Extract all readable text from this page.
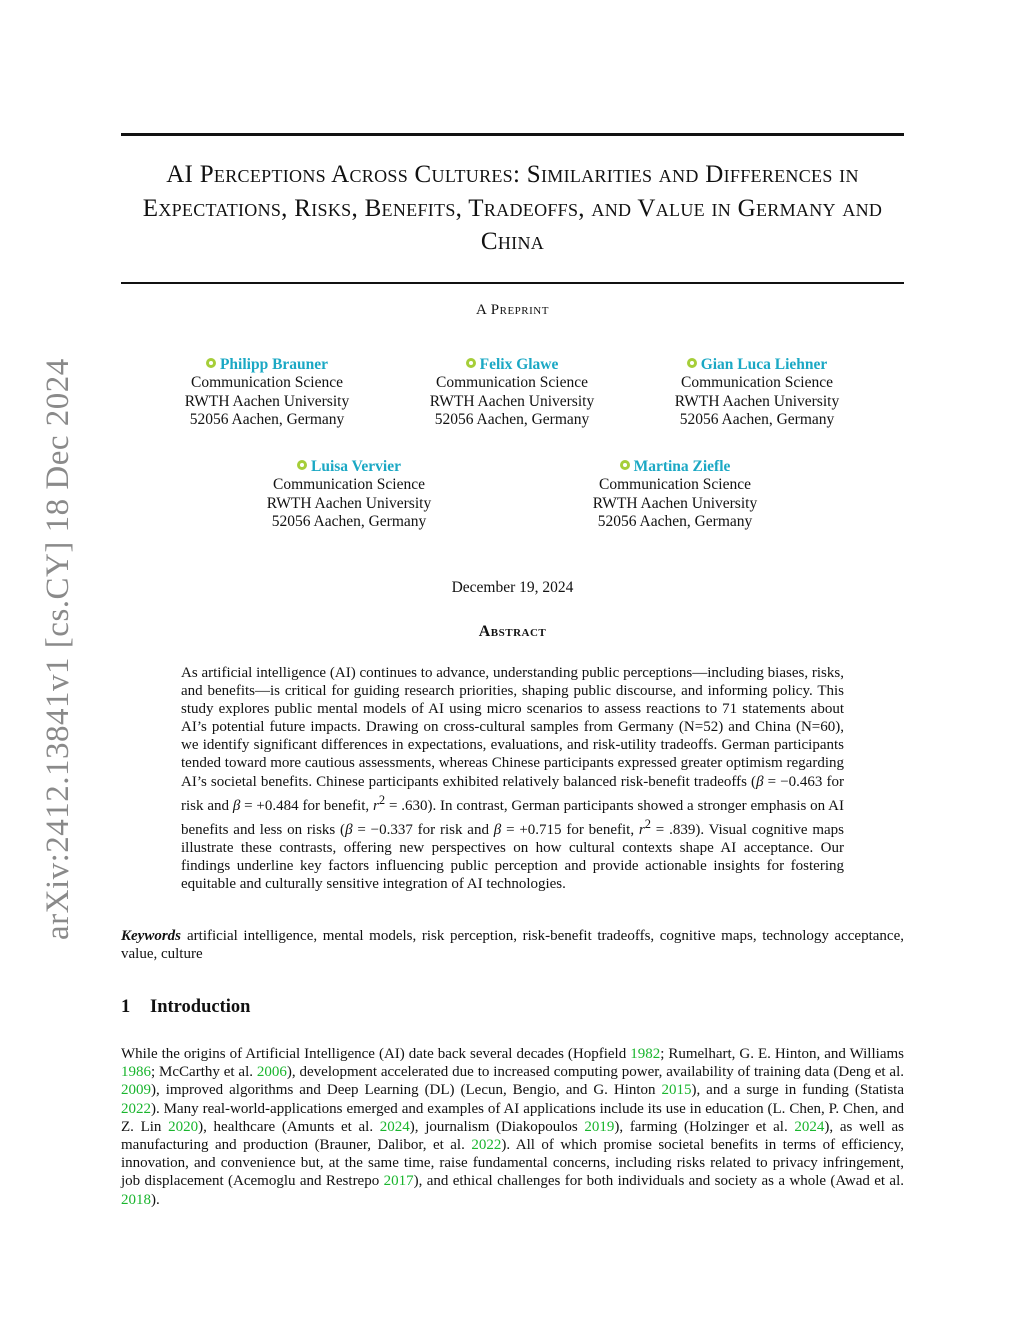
arXiv:2412.13841v1 [cs.CY] 18 Dec 2024
AI Perceptions Across Cultures: Similarities and Differences in Expectations, Risks, Benefits, Tradeoffs, and Value in Germany and China
A Preprint
Philipp Brauner
Communication Science
RWTH Aachen University
52056 Aachen, Germany
Felix Glawe
Communication Science
RWTH Aachen University
52056 Aachen, Germany
Gian Luca Liehner
Communication Science
RWTH Aachen University
52056 Aachen, Germany
Luisa Vervier
Communication Science
RWTH Aachen University
52056 Aachen, Germany
Martina Ziefle
Communication Science
RWTH Aachen University
52056 Aachen, Germany
December 19, 2024
Abstract
As artificial intelligence (AI) continues to advance, understanding public perceptions—including biases, risks, and benefits—is critical for guiding research priorities, shaping public discourse, and informing policy. This study explores public mental models of AI using micro scenarios to assess reactions to 71 statements about AI’s potential future impacts. Drawing on cross-cultural samples from Germany (N=52) and China (N=60), we identify significant differences in expectations, evaluations, and risk-utility tradeoffs. German participants tended toward more cautious assessments, whereas Chinese participants expressed greater optimism regarding AI’s societal benefits. Chinese participants exhibited relatively balanced risk-benefit tradeoffs (β = −0.463 for risk and β = +0.484 for benefit, $r^2 = .630$). In contrast, German participants showed a stronger emphasis on AI benefits and less on risks (β = −0.337 for risk and β = +0.715 for benefit, $r^2 = .839$). Visual cognitive maps illustrate these contrasts, offering new perspectives on how cultural contexts shape AI acceptance. Our findings underline key factors influencing public perception and provide actionable insights for fostering equitable and culturally sensitive integration of AI technologies.
Keywords artificial intelligence, mental models, risk perception, risk-benefit tradeoffs, cognitive maps, technology acceptance, value, culture
1 Introduction
While the origins of Artificial Intelligence (AI) date back several decades (Hopfield 1982; Rumelhart, G. E. Hinton, and Williams 1986; McCarthy et al. 2006), development accelerated due to increased computing power, availability of training data (Deng et al. 2009), improved algorithms and Deep Learning (DL) (Lecun, Bengio, and G. Hinton 2015), and a surge in funding (Statista 2022). Many real-world-applications emerged and examples of AI applications include its use in education (L. Chen, P. Chen, and Z. Lin 2020), healthcare (Amunts et al. 2024), journalism (Diakopoulos 2019), farming (Holzinger et al. 2024), as well as manufacturing and production (Brauner, Dalibor, et al. 2022). All of which promise societal benefits in terms of efficiency, innovation, and convenience but, at the same time, raise fundamental concerns, including risks related to privacy infringement, job displacement (Acemoglu and Restrepo 2017), and ethical challenges for both individuals and society as a whole (Awad et al. 2018).
